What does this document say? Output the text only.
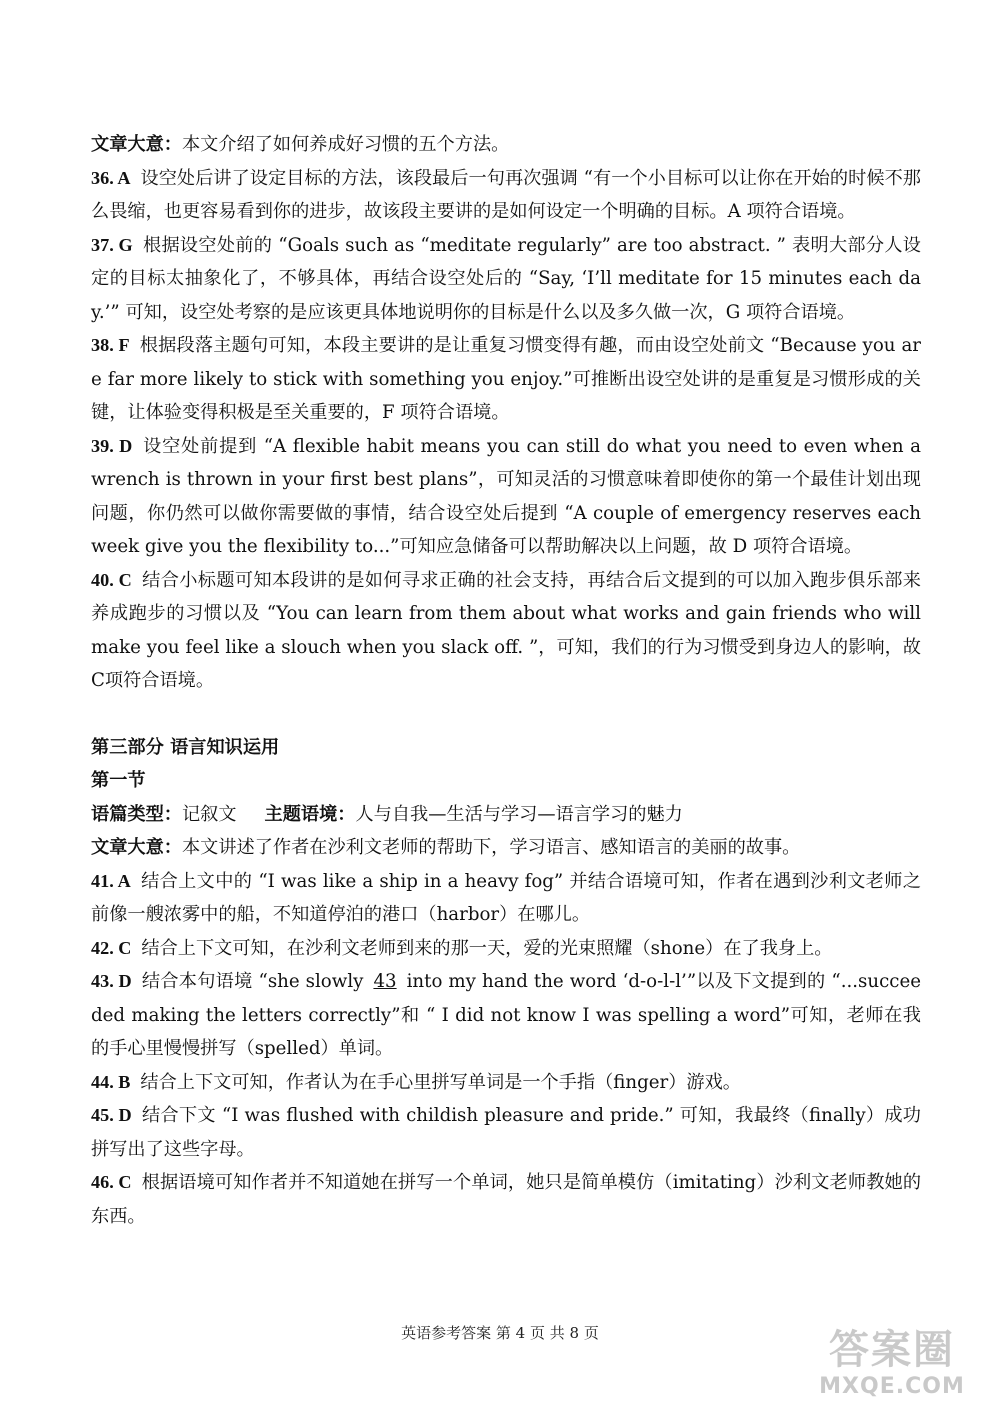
文章大意：本文介绍了如何养成好习惯的五个方法。

36. A 设空处后讲了设定目标的方法，该段最后一句再次强调 “有一个小目标可以让你在开始的时候不那么畏缩，也更容易看到你的进步，故该段主要讲的是如何设定一个明确的目标。A 项符合语境。

37. G 根据设空处前的 “Goals such as “meditate regularly” are too abstract. ” 表明大部分人设定的目标太抽象化了，不够具体，再结合设空处后的 “Say, ‘I’ll meditate for 15 minutes each day.’” 可知，设空处考察的是应该更具体地说明你的目标是什么以及多久做一次，G 项符合语境。

38. F 根据段落主题句可知，本段主要讲的是让重复习惯变得有趣，而由设空处前文 “Because you are far more likely to stick with something you enjoy.”可推断出设空处讲的是重复是习惯形成的关键，让体验变得积极是至关重要的，F 项符合语境。

39. D 设空处前提到 “A flexible habit means you can still do what you need to even when a wrench is thrown in your first best plans”，可知灵活的习惯意味着即使你的第一个最佳计划出现问题，你仍然可以做你需要做的事情，结合设空处后提到 “A couple of emergency reserves each week give you the flexibility to...”可知应急储备可以帮助解决以上问题，故 D 项符合语境。

40. C 结合小标题可知本段讲的是如何寻求正确的社会支持，再结合后文提到的可以加入跑步俱乐部来养成跑步的习惯以及 “You can learn from them about what works and gain friends who will make you feel like a slouch when you slack off. ”，可知，我们的行为习惯受到身边人的影响，故C项符合语境。

第三部分 语言知识运用

第一节

语篇类型：记叙文 主题语境：人与自我—生活与学习—语言学习的魅力

文章大意：本文讲述了作者在沙利文老师的帮助下，学习语言、感知语言的美丽的故事。

41. A 结合上文中的 “I was like a ship in a heavy fog” 并结合语境可知，作者在遇到沙利文老师之前像一艘浓雾中的船，不知道停泊的港口（harbor）在哪儿。

42. C 结合上下文可知，在沙利文老师到来的那一天，爱的光束照耀（shone）在了我身上。

43. D 结合本句语境 “she slowly 43 into my hand the word ‘d-o-l-l’”以及下文提到的 “...succeeded making the letters correctly”和 “ I did not know I was spelling a word”可知，老师在我的手心里慢慢拼写（spelled）单词。

44. B 结合上下文可知，作者认为在手心里拼写单词是一个手指（finger）游戏。

45. D 结合下文 “I was flushed with childish pleasure and pride.” 可知，我最终（finally）成功拼写出了这些字母。

46. C 根据语境可知作者并不知道她在拼写一个单词，她只是简单模仿（imitating）沙利文老师教她的东西。

英语参考答案 第 4 页 共 8 页	答案圈
MXQE.COM
